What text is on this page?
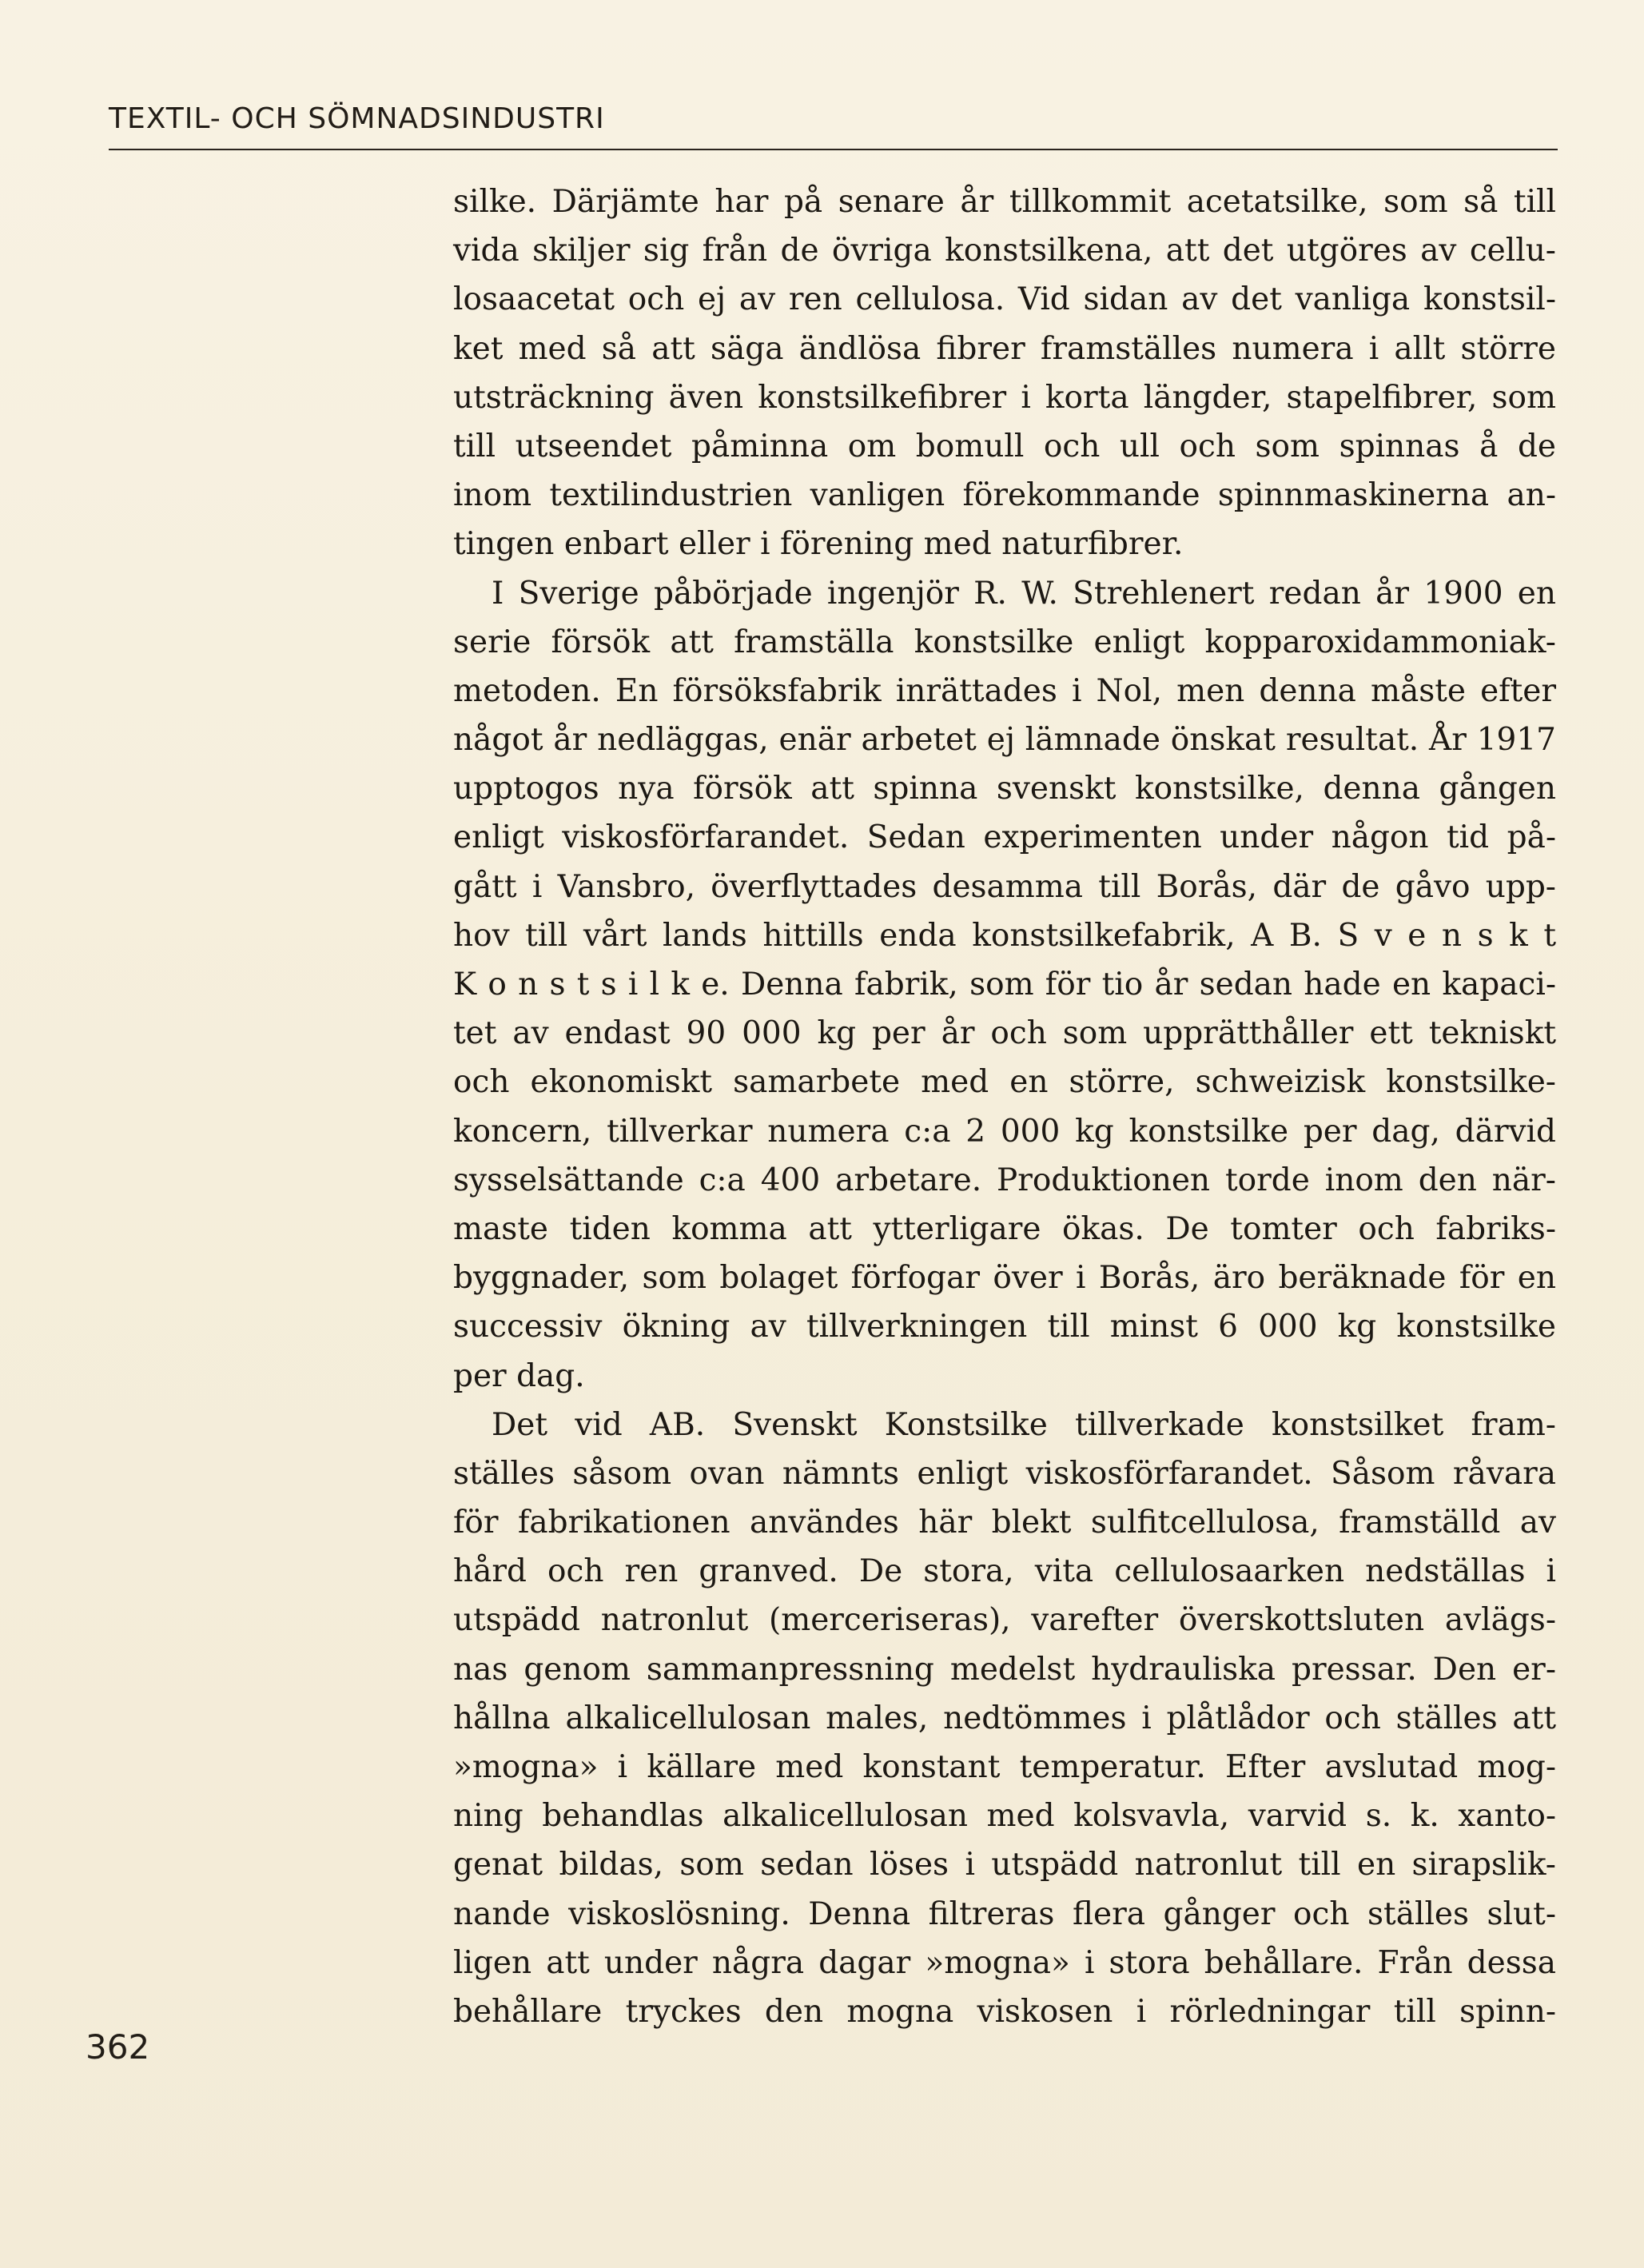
TEXTIL- OCH SÖMNADSINDUSTRI
silke. Därjämte har på senare år tillkommit acetatsilke, som så till
vida skiljer sig från de övriga konstsilkena, att det utgöres av cellu-
losaacetat och ej av ren cellulosa. Vid sidan av det vanliga konstsil-
ket med så att säga ändlösa fibrer framställes numera i allt större
utsträckning även konstsilkefibrer i korta längder, stapelfibrer, som
till utseendet påminna om bomull och ull och som spinnas å de
inom textilindustrien vanligen förekommande spinnmaskinerna an-
tingen enbart eller i förening med naturfibrer.
I Sverige påbörjade ingenjör R. W. Strehlenert redan år 1900 en
serie försök att framställa konstsilke enligt kopparoxidammoniak-
metoden. En försöksfabrik inrättades i Nol, men denna måste efter
något år nedläggas, enär arbetet ej lämnade önskat resultat. År 1917
upptogos nya försök att spinna svenskt konstsilke, denna gången
enligt viskosförfarandet. Sedan experimenten under någon tid på-
gått i Vansbro, överflyttades desamma till Borås, där de gåvo upp-
hov till vårt lands hittills enda konstsilkefabrik, A B. S v e n s k t
K o n s t s i l k e. Denna fabrik, som för tio år sedan hade en kapaci-
tet av endast 90 000 kg per år och som upprätthåller ett tekniskt
och ekonomiskt samarbete med en större, schweizisk konstsilke-
koncern, tillverkar numera c:a 2 000 kg konstsilke per dag, därvid
sysselsättande c:a 400 arbetare. Produktionen torde inom den när-
maste tiden komma att ytterligare ökas. De tomter och fabriks-
byggnader, som bolaget förfogar över i Borås, äro beräknade för en
successiv ökning av tillverkningen till minst 6 000 kg konstsilke
per dag.
Det vid AB. Svenskt Konstsilke tillverkade konstsilket fram-
ställes såsom ovan nämnts enligt viskosförfarandet. Såsom råvara
för fabrikationen användes här blekt sulfitcellulosa, framställd av
hård och ren granved. De stora, vita cellulosaarken nedställas i
utspädd natronlut (merceriseras), varefter överskottsluten avlägs-
nas genom sammanpressning medelst hydrauliska pressar. Den er-
hållna alkalicellulosan males, nedtömmes i plåtlådor och ställes att
»mogna» i källare med konstant temperatur. Efter avslutad mog-
ning behandlas alkalicellulosan med kolsvavla, varvid s. k. xanto-
genat bildas, som sedan löses i utspädd natronlut till en sirapslik-
nande viskoslösning. Denna filtreras flera gånger och ställes slut-
ligen att under några dagar »mogna» i stora behållare. Från dessa
behållare tryckes den mogna viskosen i rörledningar till spinn-
362
